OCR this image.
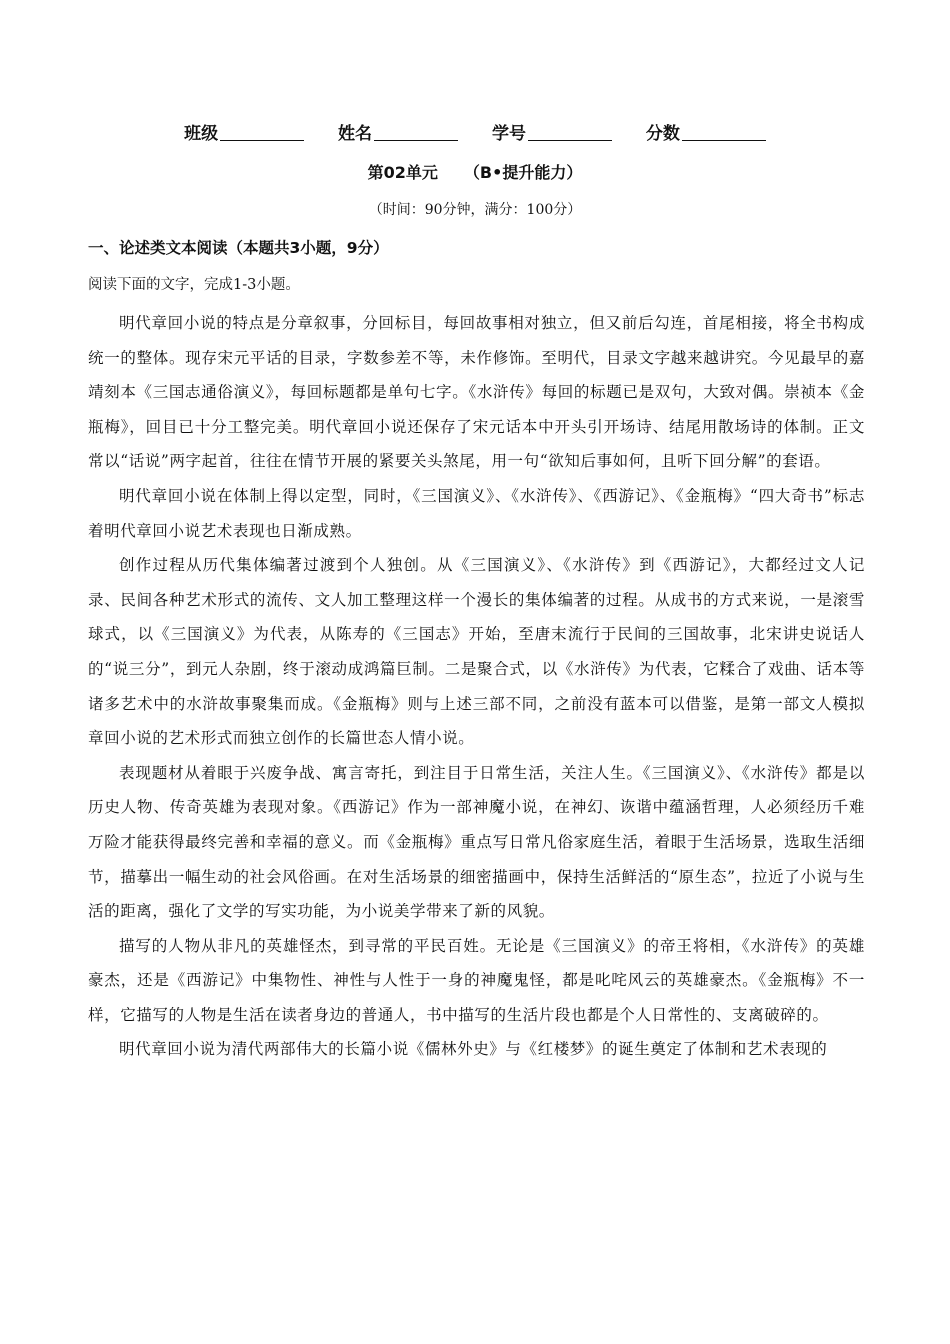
班级	姓名	学号	分数
第02单元 （B•提升能力）
（时间：90分钟，满分：100分）
一、论述类文本阅读（本题共3小题，9分）
阅读下面的文字，完成1-3小题。

明代章回小说的特点是分章叙事，分回标目，每回故事相对独立，但又前后勾连，首尾相接，将全书构成统一的整体。现存宋元平话的目录，字数参差不等，未作修饰。至明代，目录文字越来越讲究。今见最早的嘉靖刻本《三国志通俗演义》，每回标题都是单句七字。《水浒传》每回的标题已是双句，大致对偶。崇祯本《金瓶梅》，回目已十分工整完美。明代章回小说还保存了宋元话本中开头引开场诗、结尾用散场诗的体制。正文常以“话说”两字起首，往往在情节开展的紧要关头煞尾，用一句“欲知后事如何，且听下回分解”的套语。

明代章回小说在体制上得以定型，同时，《三国演义》、《水浒传》、《西游记》、《金瓶梅》“四大奇书”标志着明代章回小说艺术表现也日渐成熟。

创作过程从历代集体编著过渡到个人独创。从《三国演义》、《水浒传》到《西游记》，大都经过文人记录、民间各种艺术形式的流传、文人加工整理这样一个漫长的集体编著的过程。从成书的方式来说，一是滚雪球式，以《三国演义》为代表，从陈寿的《三国志》开始，至唐末流行于民间的三国故事，北宋讲史说话人的“说三分”，到元人杂剧，终于滚动成鸿篇巨制。二是聚合式，以《水浒传》为代表，它糅合了戏曲、话本等诸多艺术中的水浒故事聚集而成。《金瓶梅》则与上述三部不同，之前没有蓝本可以借鉴，是第一部文人模拟章回小说的艺术形式而独立创作的长篇世态人情小说。

表现题材从着眼于兴废争战、寓言寄托，到注目于日常生活，关注人生。《三国演义》、《水浒传》都是以历史人物、传奇英雄为表现对象。《西游记》作为一部神魔小说，在神幻、诙谐中蕴涵哲理，人必须经历千难万险才能获得最终完善和幸福的意义。而《金瓶梅》重点写日常凡俗家庭生活，着眼于生活场景，选取生活细节，描摹出一幅生动的社会风俗画。在对生活场景的细密描画中，保持生活鲜活的“原生态”，拉近了小说与生活的距离，强化了文学的写实功能，为小说美学带来了新的风貌。

描写的人物从非凡的英雄怪杰，到寻常的平民百姓。无论是《三国演义》的帝王将相，《水浒传》的英雄豪杰，还是《西游记》中集物性、神性与人性于一身的神魔鬼怪，都是叱咤风云的英雄豪杰。《金瓶梅》不一样，它描写的人物是生活在读者身边的普通人，书中描写的生活片段也都是个人日常性的、支离破碎的。

明代章回小说为清代两部伟大的长篇小说《儒林外史》与《红楼梦》的诞生奠定了体制和艺术表现的
